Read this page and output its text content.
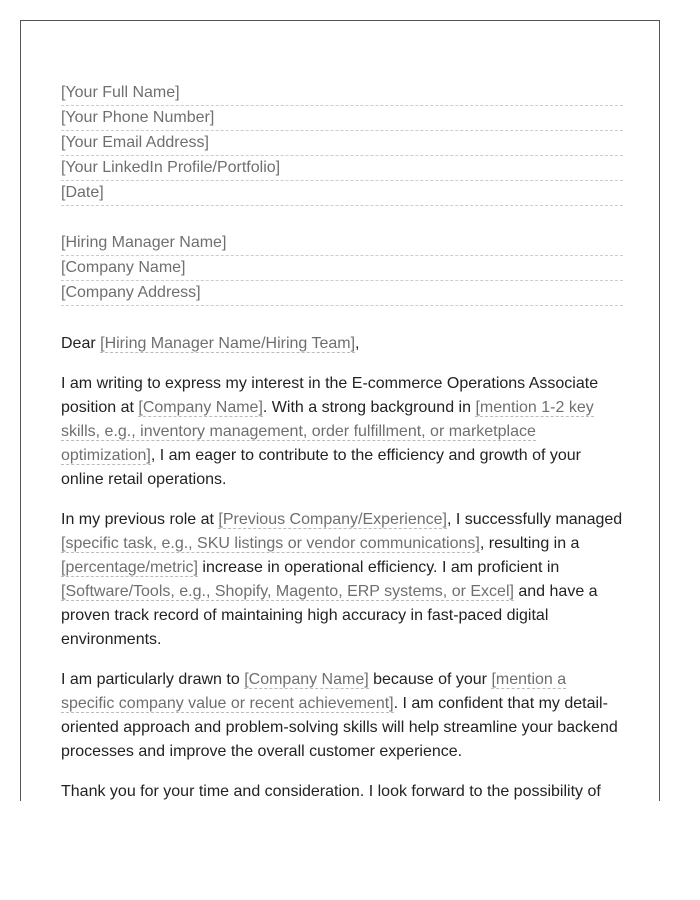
[Your Full Name]
[Your Phone Number]
[Your Email Address]
[Your LinkedIn Profile/Portfolio]
[Date]
[Hiring Manager Name]
[Company Name]
[Company Address]

Dear [Hiring Manager Name/Hiring Team],

I am writing to express my interest in the E-commerce Operations Associate position at [Company Name]. With a strong background in [mention 1-2 key skills, e.g., inventory management, order fulfillment, or marketplace optimization], I am eager to contribute to the efficiency and growth of your online retail operations.

In my previous role at [Previous Company/Experience], I successfully managed [specific task, e.g., SKU listings or vendor communications], resulting in a [percentage/metric] increase in operational efficiency. I am proficient in [Software/Tools, e.g., Shopify, Magento, ERP systems, or Excel] and have a proven track record of maintaining high accuracy in fast-paced digital environments.

I am particularly drawn to [Company Name] because of your [mention a specific company value or recent achievement]. I am confident that my detail-oriented approach and problem-solving skills will help streamline your backend processes and improve the overall customer experience.

Thank you for your time and consideration. I look forward to the possibility of
